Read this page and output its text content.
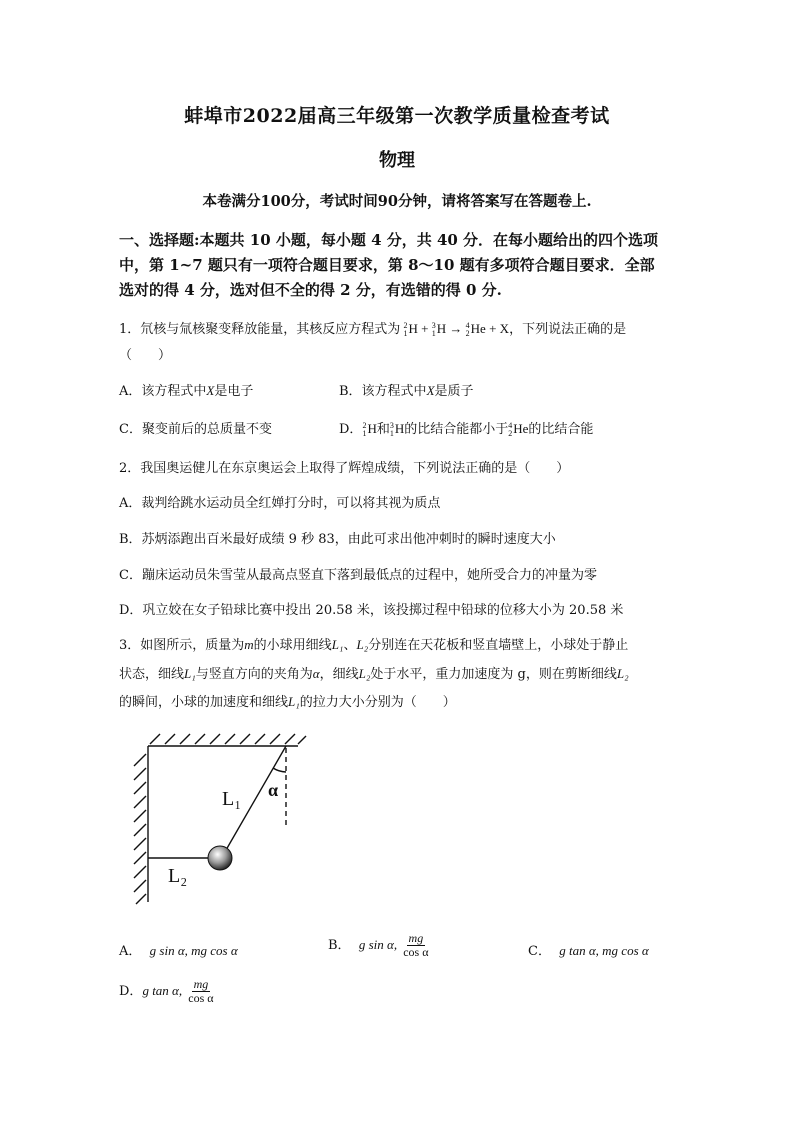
蚌埠市2022届高三年级第一次教学质量检查考试
物理
本卷满分100分，考试时间90分钟，请将答案写在答题卷上.
一、选择题:本题共 10 小题，每小题 4 分，共 40 分．在每小题给出的四个选项
中，第 1~7 题只有一项符合题目要求，第 8～10 题有多项符合题目要求．全部
选对的得 4 分，选对但不全的得 2 分，有选错的得 0 分.
1．氘核与氚核聚变释放能量，其核反应方程式为 2
1 H + 3
1 H → 4
2 He + X，下列说法正确的是
（　　）
A．该方程式中X是电子	B．该方程式中X是质子
C．聚变前后的总质量不变	D． 2
1 H和 3
1 H的比结合能都小于 4
2 He的比结合能
2．我国奥运健儿在东京奥运会上取得了辉煌成绩，下列说法正确的是（　　）
A．裁判给跳水运动员全红婵打分时，可以将其视为质点
B．苏炳添跑出百米最好成绩 9 秒 83，由此可求出他冲刺时的瞬时速度大小
C．蹦床运动员朱雪莹从最高点竖直下落到最低点的过程中，她所受合力的冲量为零
D．巩立姣在女子铅球比赛中投出 20.58 米，该投掷过程中铅球的位移大小为 20.58 米
3．如图所示，质量为m的小球用细线L₁、L₂分别连在天花板和竖直墙壁上，小球处于静止
状态，细线L₁与竖直方向的夹角为α，细线L₂处于水平，重力加速度为 g，则在剪断细线L₂
的瞬间，小球的加速度和细线L₁的拉力大小分别为（　　）
L₁ α
L₂
A． g sin α, mg cos α	B． g sin α, $\frac{mg}{\text{cos α}}$	C． g tan α, mg cos α
D．g tan α, $\frac{mg}{\text{cos α}}$
